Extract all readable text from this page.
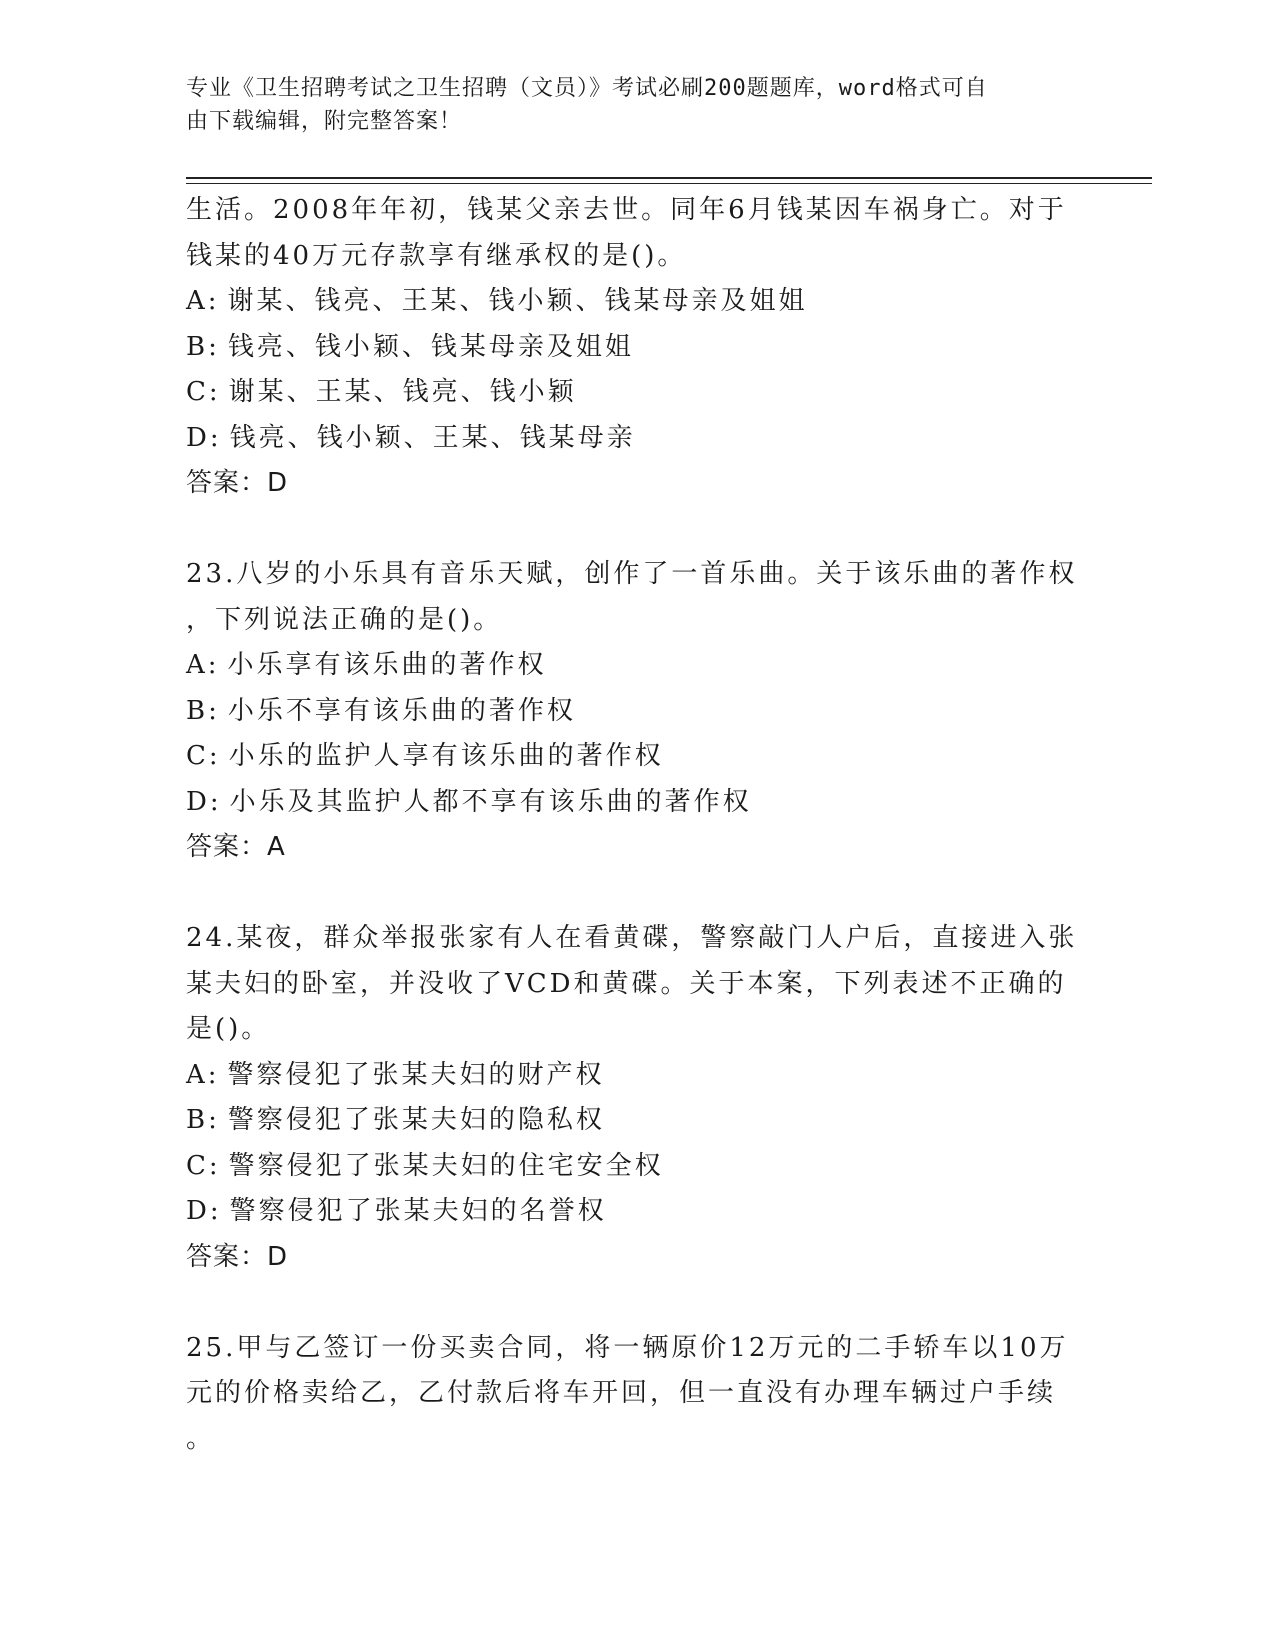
专业《卫生招聘考试之卫生招聘（文员）》考试必刷200题题库，word格式可自
由下载编辑，附完整答案！
生活。2008年年初，钱某父亲去世。同年6月钱某因车祸身亡。对于
钱某的40万元存款享有继承权的是()。
A: 谢某、钱亮、王某、钱小颖、钱某母亲及姐姐
B: 钱亮、钱小颖、钱某母亲及姐姐
C: 谢某、王某、钱亮、钱小颖
D: 钱亮、钱小颖、王某、钱某母亲
答案：D
23.八岁的小乐具有音乐天赋，创作了一首乐曲。关于该乐曲的著作权
，下列说法正确的是()。
A: 小乐享有该乐曲的著作权
B: 小乐不享有该乐曲的著作权
C: 小乐的监护人享有该乐曲的著作权
D: 小乐及其监护人都不享有该乐曲的著作权
答案：A
24.某夜，群众举报张家有人在看黄碟，警察敲门人户后，直接进入张
某夫妇的卧室，并没收了VCD和黄碟。关于本案，下列表述不正确的
是()。
A: 警察侵犯了张某夫妇的财产权
B: 警察侵犯了张某夫妇的隐私权
C: 警察侵犯了张某夫妇的住宅安全权
D: 警察侵犯了张某夫妇的名誉权
答案：D
25.甲与乙签订一份买卖合同，将一辆原价12万元的二手轿车以10万
元的价格卖给乙，乙付款后将车开回，但一直没有办理车辆过户手续
。
